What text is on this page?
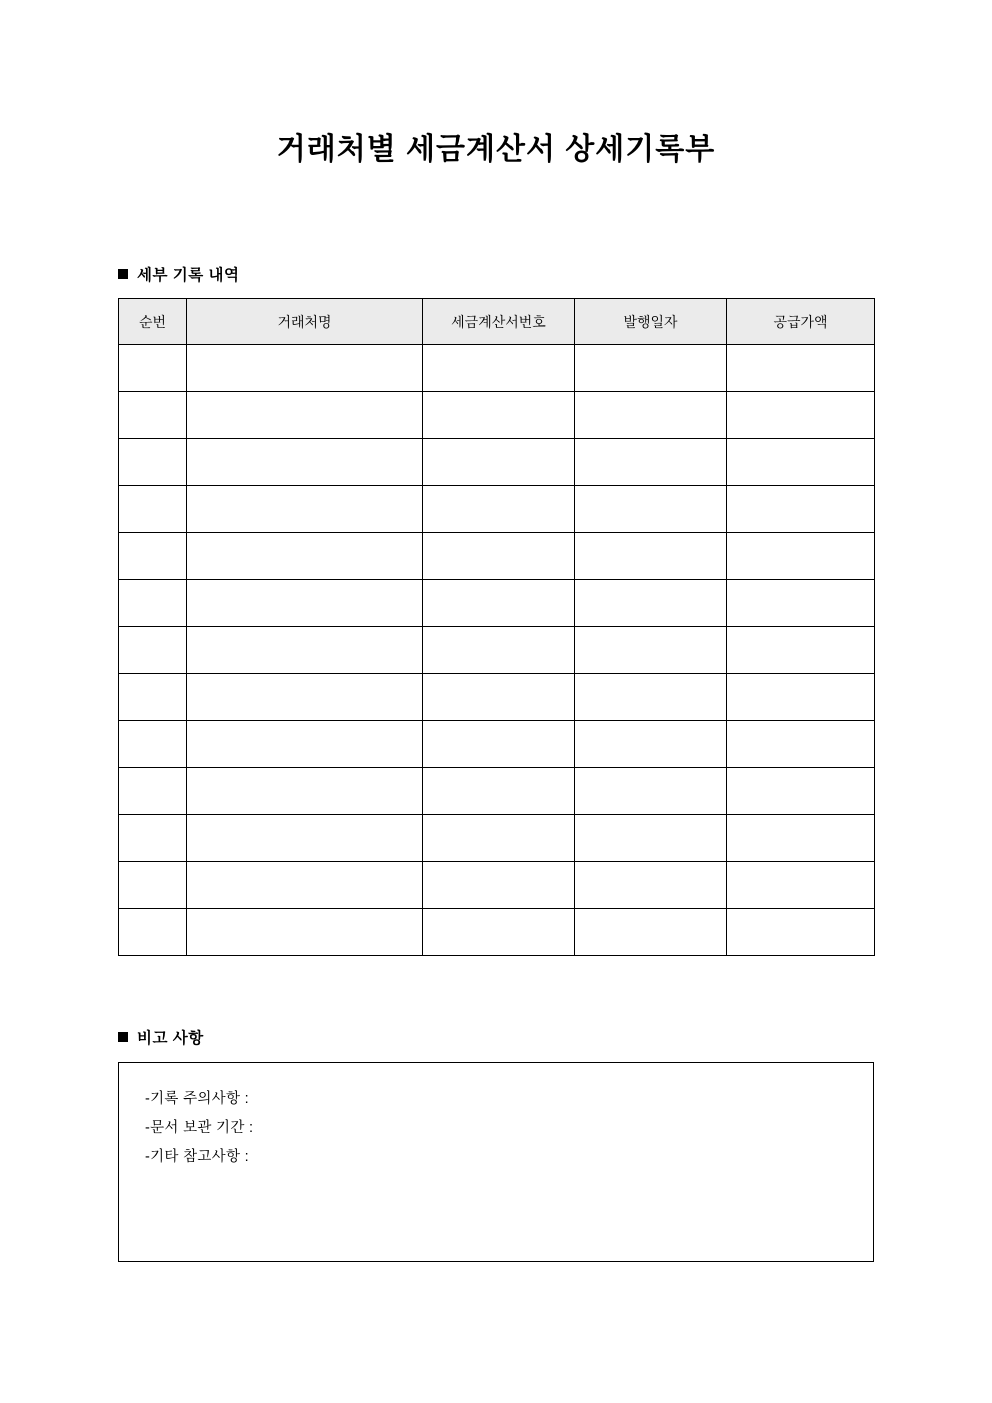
거래처별 세금계산서 상세기록부
세부 기록 내역
순번	거래처명	세금계산서번호	발행일자	공급가액

비고 사항
-기록 주의사항 :
-문서 보관 기간 :
-기타 참고사항 :
